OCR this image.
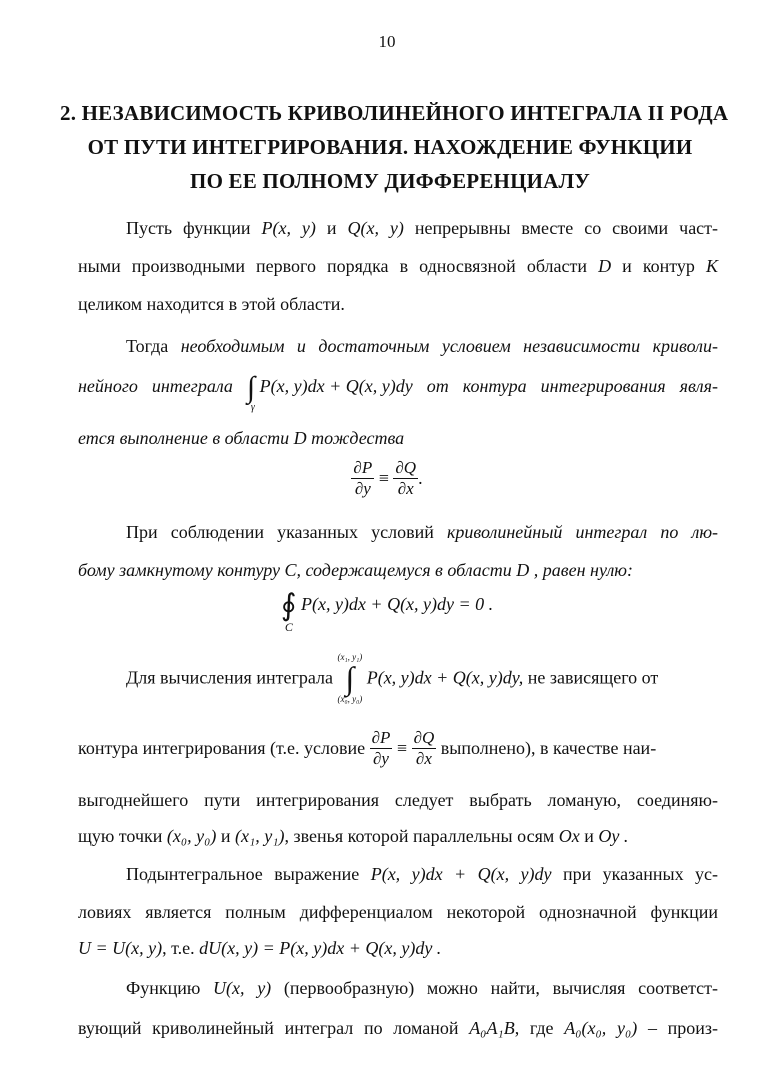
10
2. НЕЗАВИСИМОСТЬ КРИВОЛИНЕЙНОГО ИНТЕГРАЛА II РОДА
ОТ ПУТИ ИНТЕГРИРОВАНИЯ. НАХОЖДЕНИЕ ФУНКЦИИ
ПО ЕЕ ПОЛНОМУ ДИФФЕРЕНЦИАЛУ
Пусть функции P(x, y) и Q(x, y) непрерывны вместе со своими част-
ными производными первого порядка в односвязной области D и контур K
целиком находится в этой области.
Тогда необходимым и достаточным условием независимости криволи-
нейного интеграла ∫
γ
P(x, y)dx + Q(x, y)dy от контура интегрирования явля-
ется выполнение в области D тождества
$\frac{\partial P}{\partial y} \equiv \frac{\partial Q}{\partial x}$ .
При соблюдении указанных условий криволинейный интеграл по лю-
бому замкнутому контуру C, содержащемуся в области D , равен нулю:
∮
C
P(x, y)dx + Q(x, y)dy = 0 .
Для вычисления интеграла
(x₁, y₁)
∫
(x₀, y₀)
P(x, y)dx + Q(x, y)dy, не зависящего от
контура интегрирования (т.е. условие $\frac{\partial P}{\partial y} \equiv \frac{\partial Q}{\partial x}$ выполнено), в качестве наи-
выгоднейшего пути интегрирования следует выбрать ломаную, соединяю-
щую точки (x₀, y₀) и (x₁, y₁), звенья которой параллельны осям Ox и Oy .
Подынтегральное выражение P(x, y)dx + Q(x, y)dy при указанных ус-
ловиях является полным дифференциалом некоторой однозначной функции
U = U(x, y), т.е. dU(x, y) = P(x, y)dx + Q(x, y)dy .
Функцию U(x, y) (первообразную) можно найти, вычисляя соответст-
вующий криволинейный интеграл по ломаной A₀A₁B, где A₀(x₀, y₀) – произ-
